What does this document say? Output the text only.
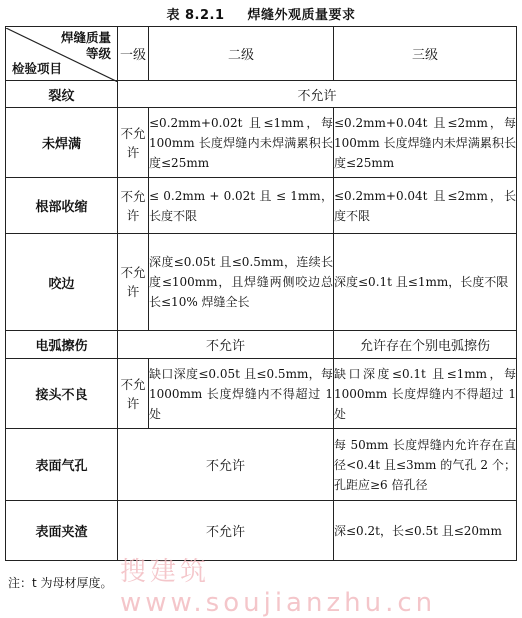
表 8.2.1 焊缝外观质量要求
焊缝质量
等级
检验项目	一级	二级	三级
裂纹	不允许		
未焊满	不允许	≤0.2mm+0.02t 且≤1mm，每 100mm 长度焊缝内未焊满累积长度≤25mm	≤0.2mm+0.04t 且≤2mm，每 100mm 长度焊缝内未焊满累积长度≤25mm
根部收缩	不允许	≤ 0.2mm + 0.02t 且 ≤ 1mm，长度不限	≤0.2mm+0.04t 且≤2mm，长度不限
咬边	不允许	深度≤0.05t 且≤0.5mm，连续长度≤100mm，且焊缝两侧咬边总长≤10% 焊缝全长	深度≤0.1t 且≤1mm，长度不限
电弧擦伤	不允许		允许存在个别电弧擦伤
接头不良	不允许	缺口深度≤0.05t 且≤0.5mm，每 1000mm 长度焊缝内不得超过 1 处	缺口深度≤0.1t 且≤1mm，每 1000mm 长度焊缝内不得超过 1 处
表面气孔	不允许		每 50mm 长度焊缝内允许存在直径<0.4t 且≤3mm 的气孔 2 个；孔距应≥6 倍孔径
表面夹渣	不允许		深≤0.2t，长≤0.5t 且≤20mm
搜建筑 www.soujianzhu.cn
注：t 为母材厚度。
